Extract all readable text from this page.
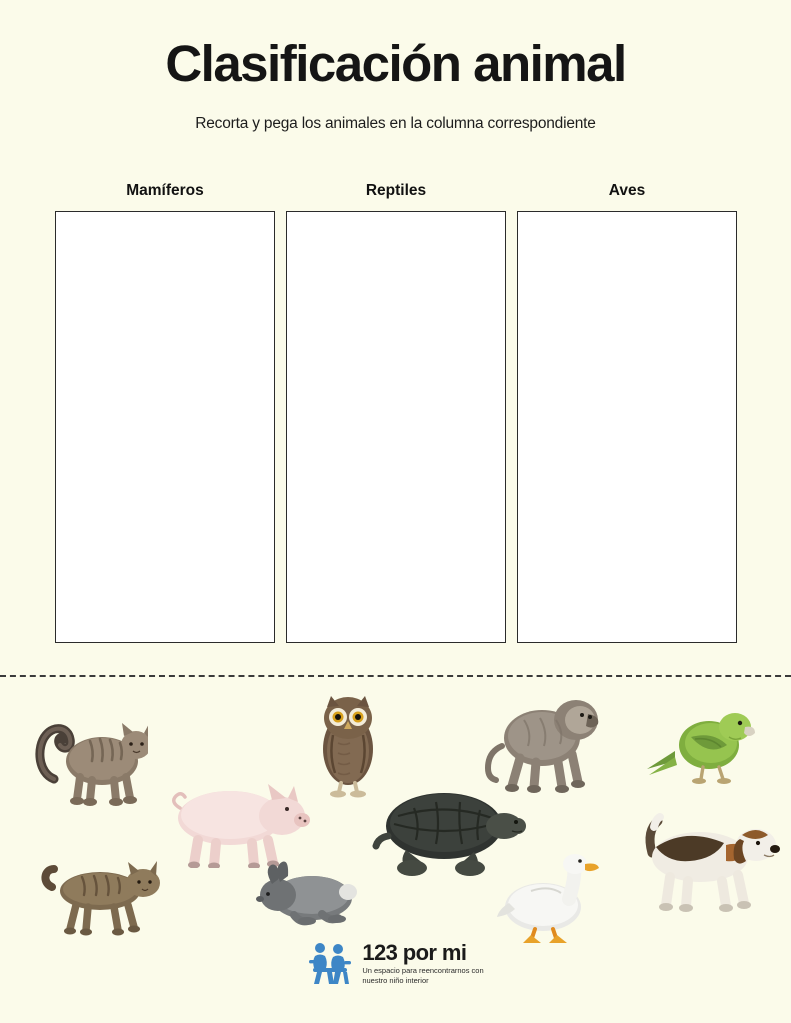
Clasificación animal
Recorta y pega los animales en la columna correspondiente
Mamíferos	Reptiles	Aves
123 por mi
Un espacio para reencontrarnos con
nuestro niño interior
